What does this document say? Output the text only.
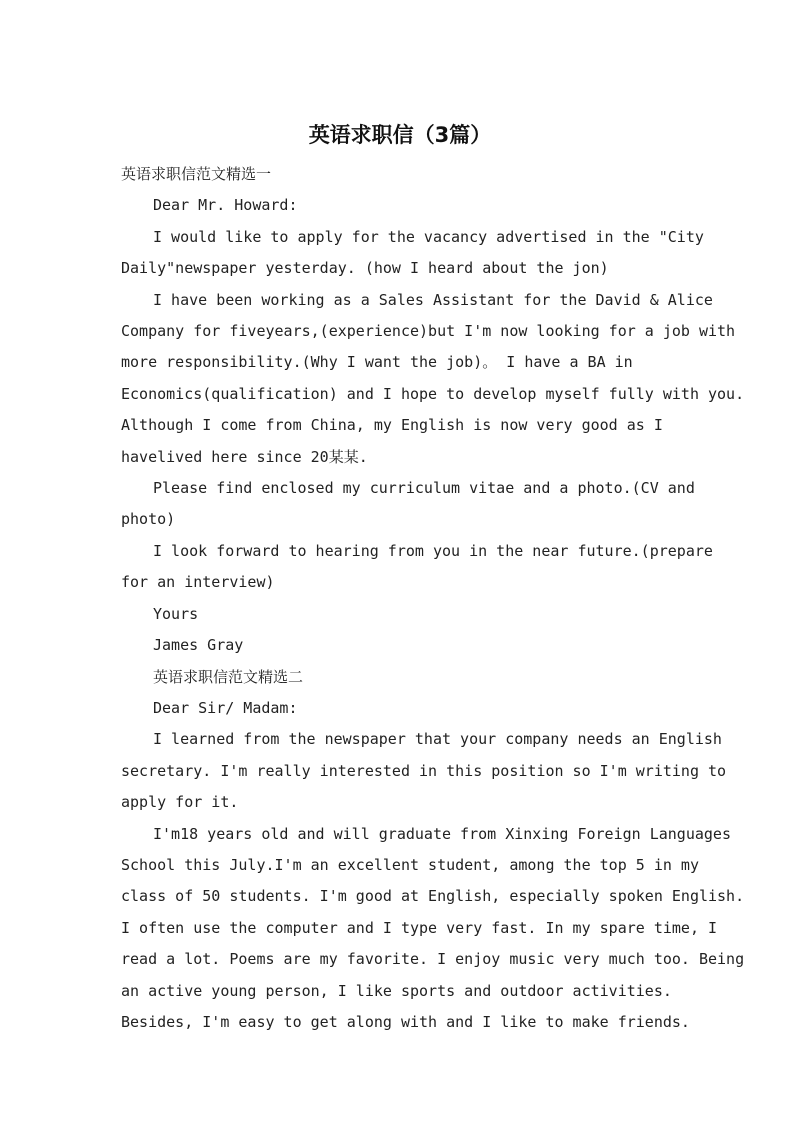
英语求职信（3篇）

英语求职信范文精选一

Dear Mr. Howard:

I would like to apply for the vacancy advertised in the "City

Daily"newspaper yesterday. (how I heard about the jon)

I have been working as a Sales Assistant for the David & Alice

Company for fiveyears,(experience)but I'm now looking for a job with

more responsibility.(Why I want the job)。 I have a BA in

Economics(qualification) and I hope to develop myself fully with you.

Although I come from China, my English is now very good as I

havelived here since 20某某.

Please find enclosed my curriculum vitae and a photo.(CV and

photo)

I look forward to hearing from you in the near future.(prepare

for an interview)

Yours

James Gray

英语求职信范文精选二

Dear Sir/ Madam:

I learned from the newspaper that your company needs an English

secretary. I'm really interested in this position so I'm writing to

apply for it.

I'm18 years old and will graduate from Xinxing Foreign Languages

School this July.I'm an excellent student, among the top 5 in my

class of 50 students. I'm good at English, especially spoken English.

I often use the computer and I type very fast. In my spare time, I

read a lot. Poems are my favorite. I enjoy music very much too. Being

an active young person, I like sports and outdoor activities.

Besides, I'm easy to get along with and I like to make friends.
